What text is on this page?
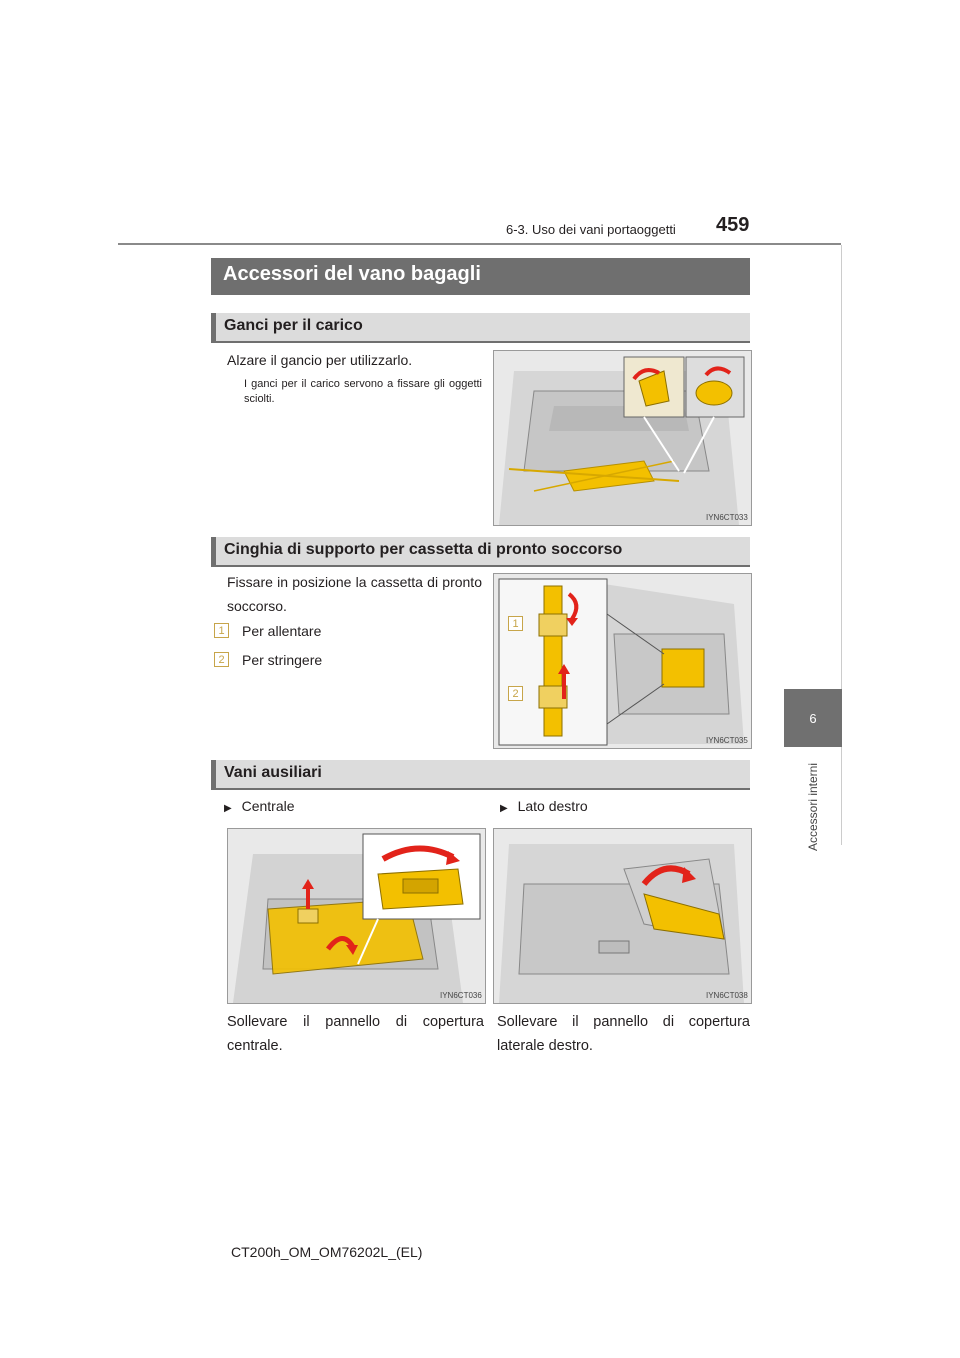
6-3. Uso dei vani portaoggetti 459
6
Accessori interni
Accessori del vano bagagli
Ganci per il carico
Alzare il gancio per utilizzarlo.
I ganci per il carico servono a fissare gli oggetti sciolti.
IYN6CT033
Cinghia di supporto per cassetta di pronto soccorso
Fissare in posizione la cassetta di pronto soccorso.
1	Per allentare
2	Per stringere
1
2
IYN6CT035
Vani ausiliari
▶ Centrale	▶ Lato destro
IYN6CT036	IYN6CT038
Sollevare il pannello di copertura centrale.
Sollevare il pannello di copertura laterale destro.
CT200h_OM_OM76202L_(EL)
